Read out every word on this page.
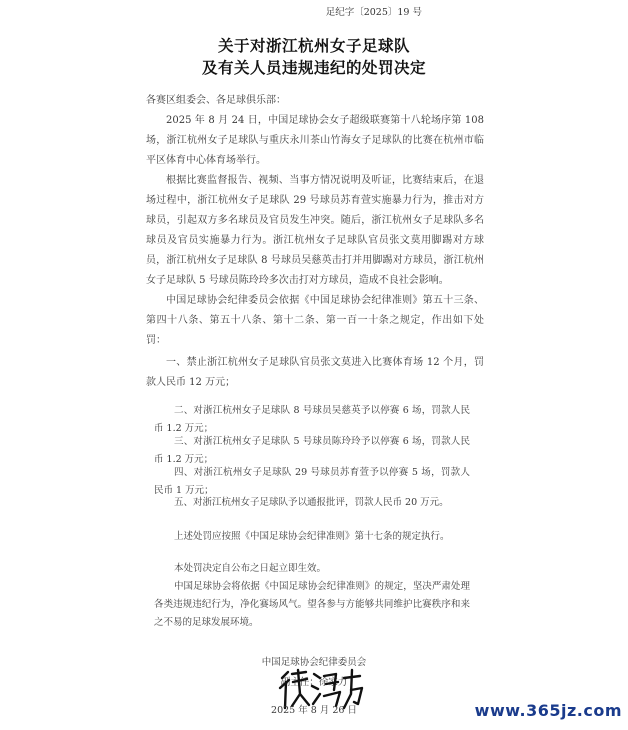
足纪字〔2025〕19 号
关于对浙江杭州女子足球队
及有关人员违规违纪的处罚决定

各赛区组委会、各足球俱乐部：

2025 年 8 月 24 日，中国足球协会女子超级联赛第十八轮场序第 108 场，浙江杭州女子足球队与重庆永川茶山竹海女子足球队的比赛在杭州市临平区体育中心体育场举行。

根据比赛监督报告、视频、当事方情况说明及听证，比赛结束后，在退场过程中，浙江杭州女子足球队 29 号球员苏育萱实施暴力行为，推击对方球员，引起双方多名球员及官员发生冲突。随后，浙江杭州女子足球队多名球员及官员实施暴力行为。浙江杭州女子足球队官员张文莫用脚踢对方球员，浙江杭州女子足球队 8 号球员吴慈英击打并用脚踢对方球员，浙江杭州女子足球队 5 号球员陈玲玲多次击打对方球员，造成不良社会影响。

中国足球协会纪律委员会依据《中国足球协会纪律准则》第五十三条、第四十八条、第五十八条、第十二条、第一百一十条之规定，作出如下处罚：

一、禁止浙江杭州女子足球队官员张文莫进入比赛体育场 12 个月，罚款人民币 12 万元；

二、对浙江杭州女子足球队 8 号球员吴慈英予以停赛 6 场，罚款人民币 1.2 万元；

三、对浙江杭州女子足球队 5 号球员陈玲玲予以停赛 6 场，罚款人民币 1.2 万元；

四、对浙江杭州女子足球队 29 号球员苏育萱予以停赛 5 场，罚款人民币 1 万元；

五、对浙江杭州女子足球队予以通报批评，罚款人民币 20 万元。

上述处罚应按照《中国足球协会纪律准则》第十七条的规定执行。

本处罚决定自公布之日起立即生效。

中国足球协会将依据《中国足球协会纪律准则》的规定，坚决严肃处理各类违规违纪行为，净化赛场风气。望各参与方能够共同维护比赛秩序和来之不易的足球发展环境。

中国足球协会纪律委员会
副主任：徐家力
2025 年 8 月 26 日	www.365jz.com
